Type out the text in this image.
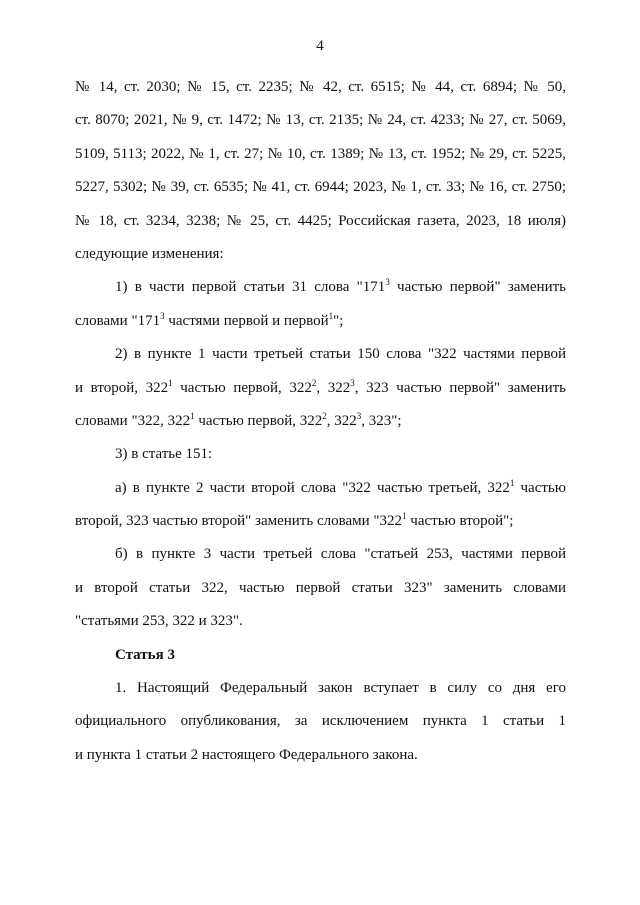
4
№ 14, ст. 2030; № 15, ст. 2235; № 42, ст. 6515; № 44, ст. 6894; № 50,
ст. 8070; 2021, № 9, ст. 1472; № 13, ст. 2135; № 24, ст. 4233; № 27, ст. 5069,
5109, 5113; 2022, № 1, ст. 27; № 10, ст. 1389; № 13, ст. 1952; № 29, ст. 5225,
5227, 5302; № 39, ст. 6535; № 41, ст. 6944; 2023, № 1, ст. 33; № 16, ст. 2750;
№ 18, ст. 3234, 3238; № 25, ст. 4425; Российская газета, 2023, 18 июля)
следующие изменения:
1) в части первой статьи 31 слова "$171^3$ частью первой" заменить
словами "$171^3$ частями первой и первой$^1$";
2) в пункте 1 части третьей статьи 150 слова "322 частями первой
и второй, $322^1$ частью первой, $322^2$, $322^3$, 323 частью первой" заменить
словами "322, $322^1$ частью первой, $322^2$, $322^3$, 323";
3) в статье 151:
а) в пункте 2 части второй слова "322 частью третьей, $322^1$ частью
второй, 323 частью второй" заменить словами "$322^1$ частью второй";
б) в пункте 3 части третьей слова "статьей 253, частями первой
и второй статьи 322, частью первой статьи 323" заменить словами
"статьями 253, 322 и 323".
Статья 3
1. Настоящий Федеральный закон вступает в силу со дня его
официального опубликования, за исключением пункта 1 статьи 1
и пункта 1 статьи 2 настоящего Федерального закона.
